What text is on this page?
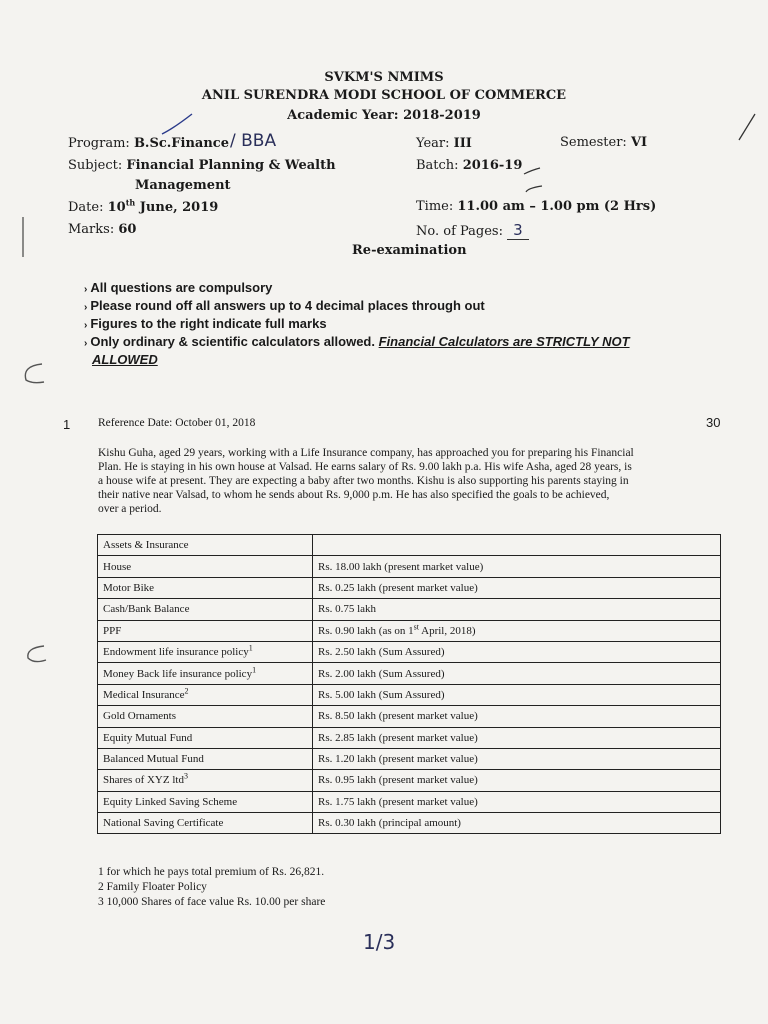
SVKM'S NMIMS
ANIL SURENDRA MODI SCHOOL OF COMMERCE
Academic Year: 2018-2019
Program: B.Sc.Finance / BBA	Year: III	Semester: VI
Subject: Financial Planning & Wealth
Management
Batch: 2016-19
Date: 10th June, 2019	Time: 11.00 am – 1.00 pm (2 Hrs)
Marks: 60	No. of Pages: 3
Re-examination
› All questions are compulsory
› Please round off all answers up to 4 decimal places through out
› Figures to the right indicate full marks
› Only ordinary & scientific calculators allowed. Financial Calculators are STRICTLY NOT
ALLOWED
1	30
Reference Date: October 01, 2018
Kishu Guha, aged 29 years, working with a Life Insurance company, has approached you for preparing his Financial
Plan. He is staying in his own house at Valsad. He earns salary of Rs. 9.00 lakh p.a. His wife Asha, aged 28 years, is
a house wife at present. They are expecting a baby after two months. Kishu is also supporting his parents staying in
their native near Valsad, to whom he sends about Rs. 9,000 p.m. He has also specified the goals to be achieved,
over a period.
Assets & Insurance	
House	Rs. 18.00 lakh (present market value)
Motor Bike	Rs. 0.25 lakh (present market value)
Cash/Bank Balance	Rs. 0.75 lakh
PPF	Rs. 0.90 lakh (as on 1st April, 2018)
Endowment life insurance policy$^1$	Rs. 2.50 lakh (Sum Assured)
Money Back life insurance policy$^1$	Rs. 2.00 lakh (Sum Assured)
Medical Insurance$^2$	Rs. 5.00 lakh (Sum Assured)
Gold Ornaments	Rs. 8.50 lakh (present market value)
Equity Mutual Fund	Rs. 2.85 lakh (present market value)
Balanced Mutual Fund	Rs. 1.20 lakh (present market value)
Shares of XYZ ltd$^3$	Rs. 0.95 lakh (present market value)
Equity Linked Saving Scheme	Rs. 1.75 lakh (present market value)
National Saving Certificate	Rs. 0.30 lakh (principal amount)
1 for which he pays total premium of Rs. 26,821.
2 Family Floater Policy
3 10,000 Shares of face value Rs. 10.00 per share
1/3
